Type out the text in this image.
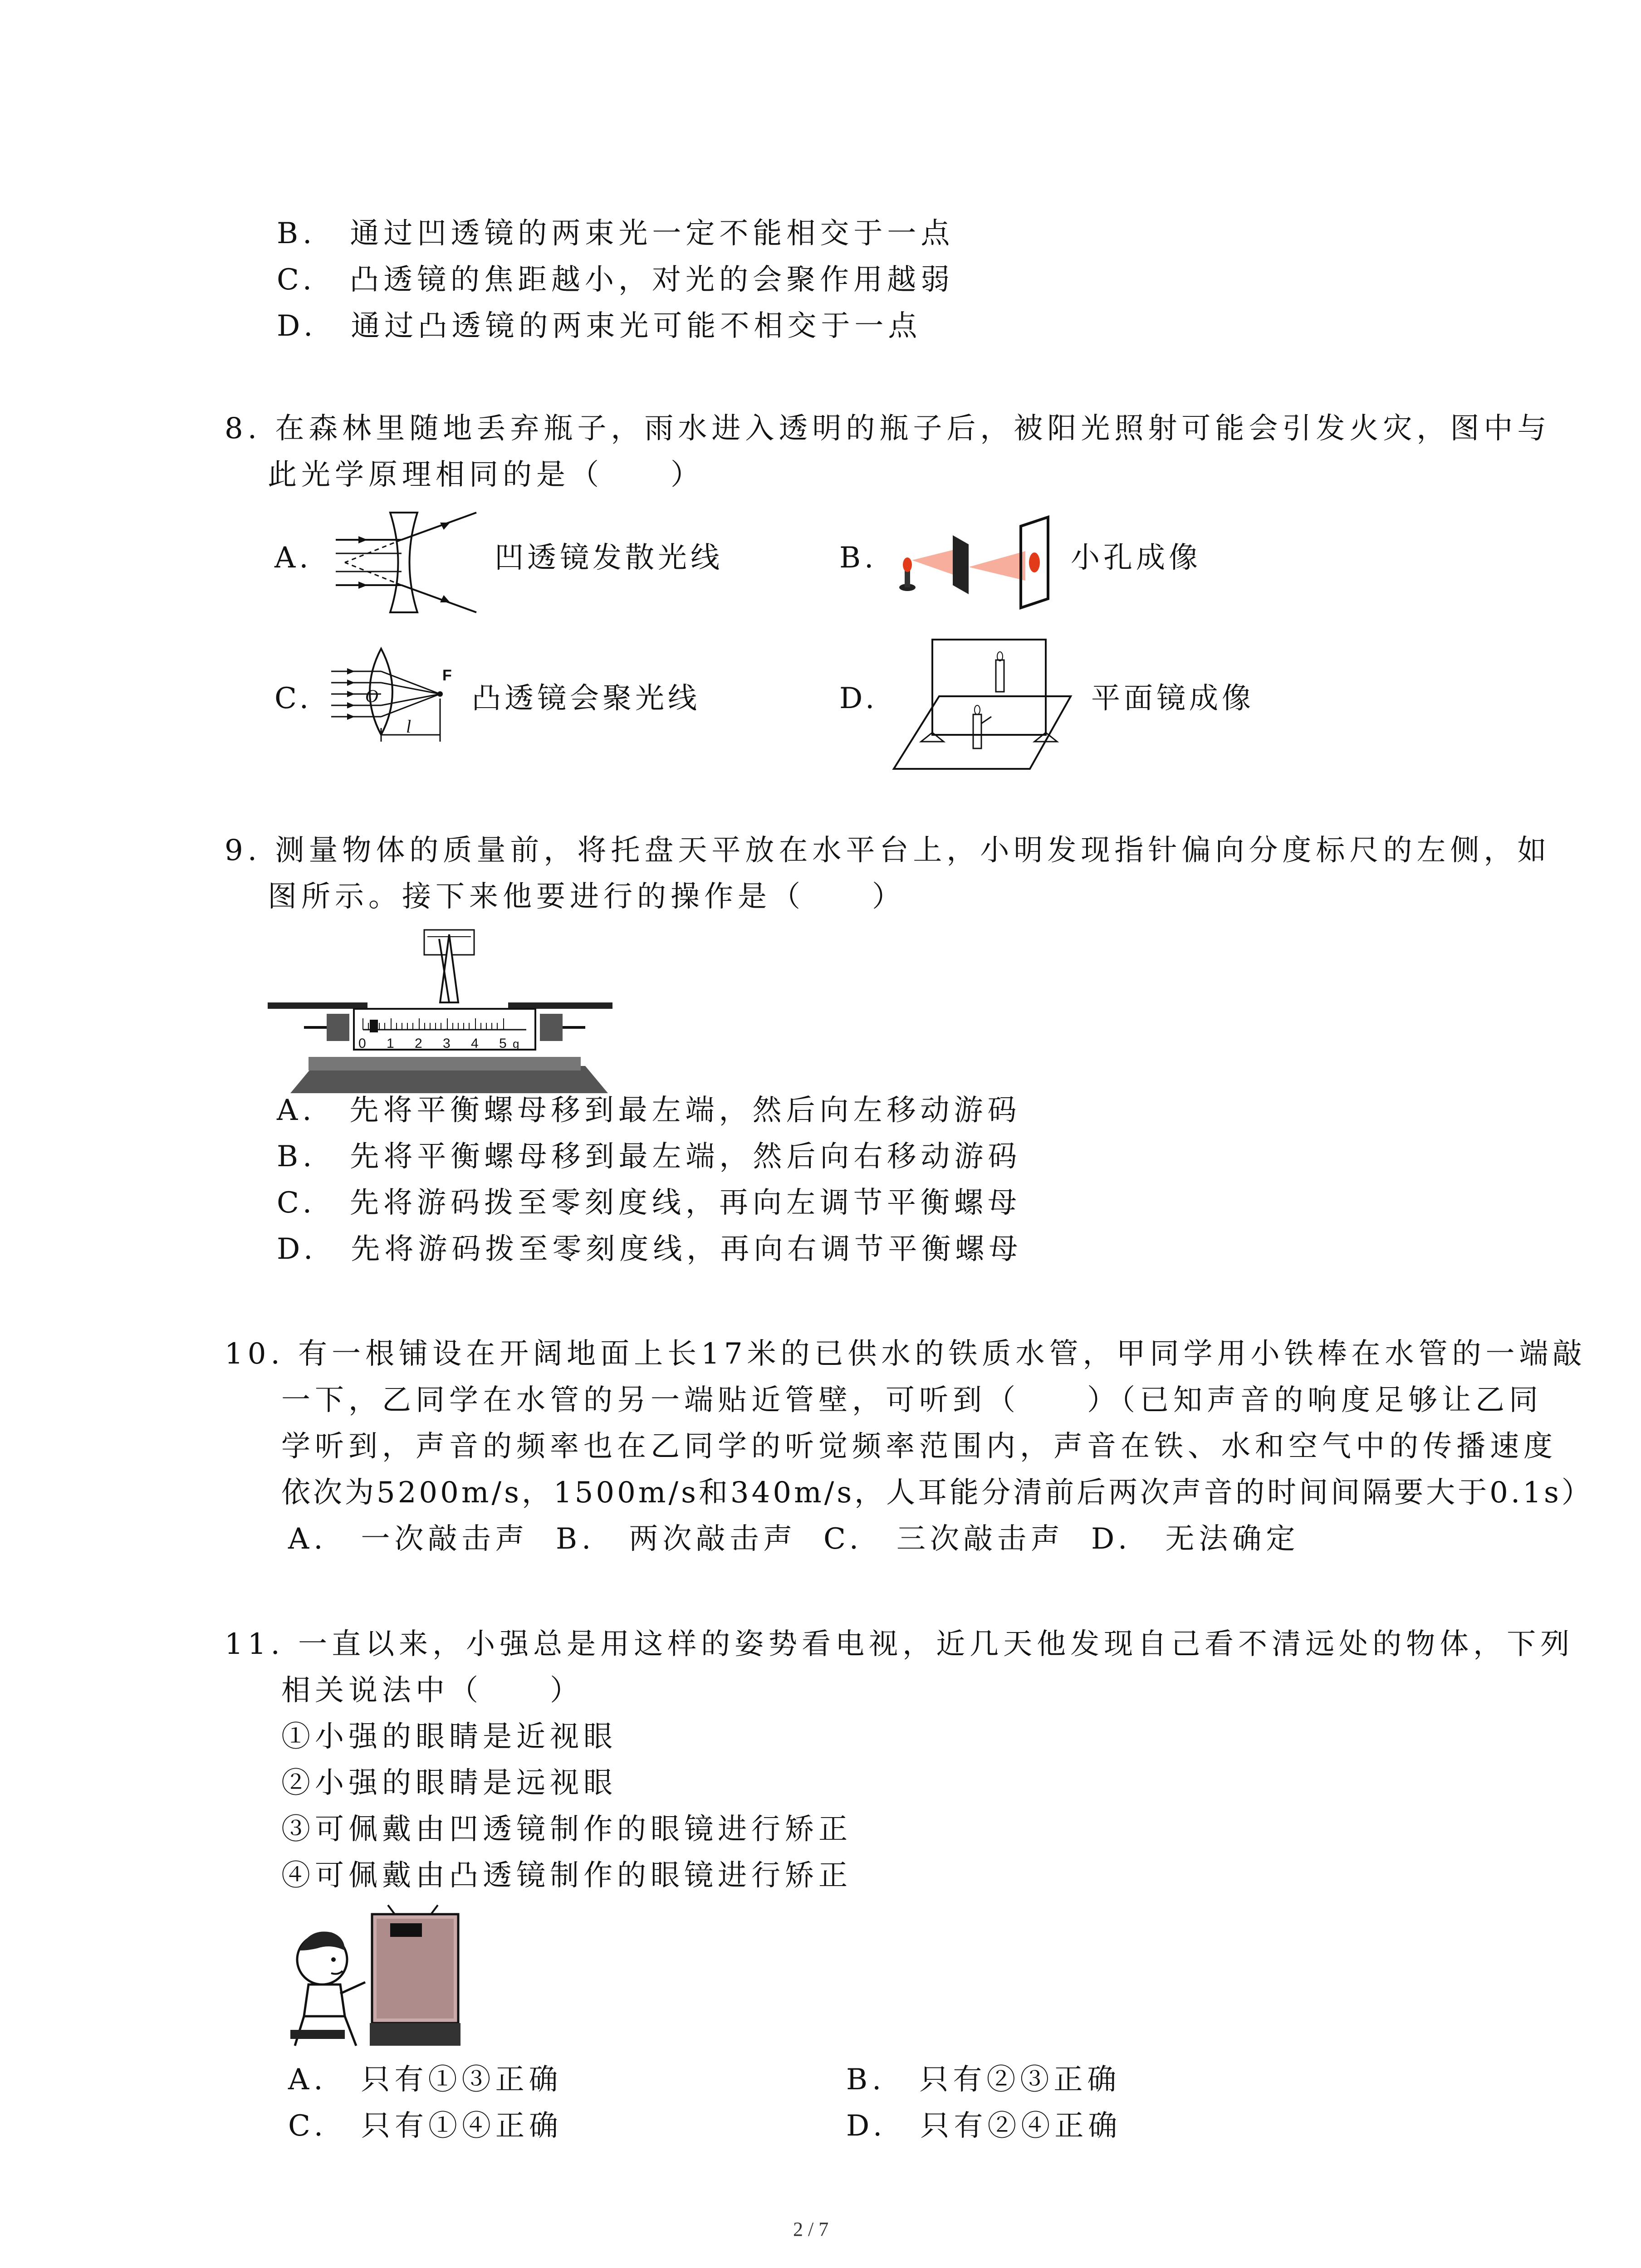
B.　通过凹透镜的两束光一定不能相交于一点
C.　凸透镜的焦距越小，对光的会聚作用越弱
D.　通过凸透镜的两束光可能不相交于一点
8. 在森林里随地丢弃瓶子，雨水进入透明的瓶子后，被阳光照射可能会引发火灾，图中与
此光学原理相同的是（　　）
A.	凹透镜发散光线	B.	小孔成像
C.
F
O
l
凸透镜会聚光线	D.	平面镜成像
9. 测量物体的质量前，将托盘天平放在水平台上，小明发现指针偏向分度标尺的左侧，如
图所示。接下来他要进行的操作是（　　）
0 1 2 3 4 5 g
A.　先将平衡螺母移到最左端，然后向左移动游码
B.　先将平衡螺母移到最左端，然后向右移动游码
C.　先将游码拨至零刻度线，再向左调节平衡螺母
D.　先将游码拨至零刻度线，再向右调节平衡螺母
10. 有一根铺设在开阔地面上长17米的已供水的铁质水管，甲同学用小铁棒在水管的一端敲
一下，乙同学在水管的另一端贴近管壁，可听到（　　）（已知声音的响度足够让乙同
学听到，声音的频率也在乙同学的听觉频率范围内，声音在铁、水和空气中的传播速度
依次为5200m/s，1500m/s和340m/s，人耳能分清前后两次声音的时间间隔要大于0.1s）
A.　一次敲击声 B.　两次敲击声 C.　三次敲击声 D.　无法确定
11. 一直以来，小强总是用这样的姿势看电视，近几天他发现自己看不清远处的物体，下列
相关说法中（　　）
①小强的眼睛是近视眼
②小强的眼睛是远视眼
③可佩戴由凹透镜制作的眼镜进行矫正
④可佩戴由凸透镜制作的眼镜进行矫正
A.　只有①③正确	B.　只有②③正确
C.　只有①④正确	D.　只有②④正确
2 / 7
